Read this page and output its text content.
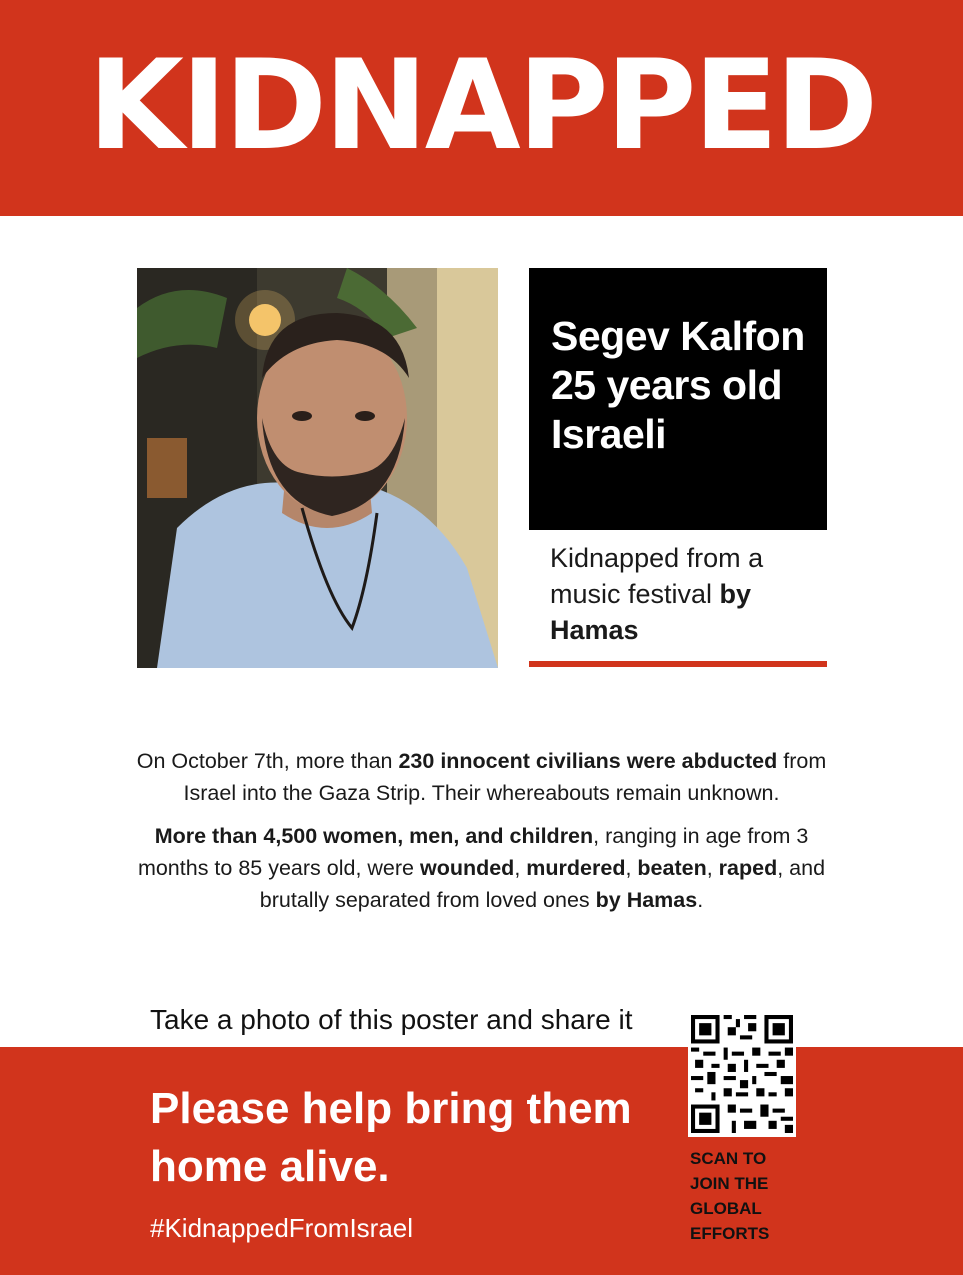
KIDNAPPED
Segev Kalfon
25 years old
Israeli
Kidnapped from a music festival by Hamas

On October 7th, more than 230 innocent civilians were abducted from Israel into the Gaza Strip. Their whereabouts remain unknown.

More than 4,500 women, men, and children, ranging in age from 3 months to 85 years old, were wounded, murdered, beaten, raped, and brutally separated from loved ones by Hamas.

Take a photo of this poster and share it
Please help bring them home alive.
#KidnappedFromIsrael
SCAN TO JOIN THE GLOBAL EFFORTS
